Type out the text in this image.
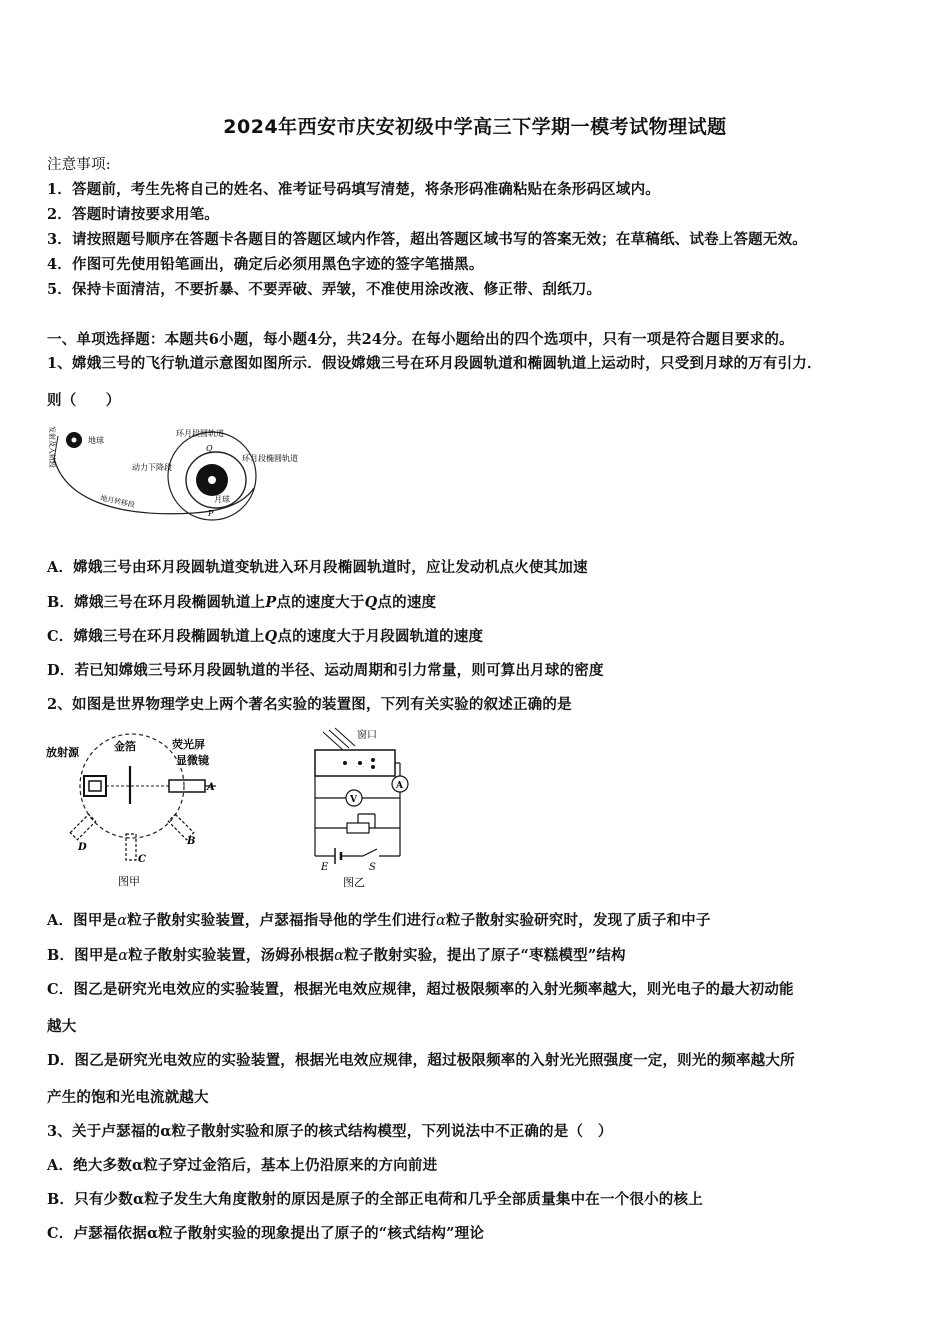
2024年西安市庆安初级中学高三下学期一模考试物理试题
注意事项:
1．答题前，考生先将自己的姓名、准考证号码填写清楚，将条形码准确粘贴在条形码区域内。
2．答题时请按要求用笔。
3．请按照题号顺序在答题卡各题目的答题区域内作答，超出答题区域书写的答案无效；在草稿纸、试卷上答题无效。
4．作图可先使用铅笔画出，确定后必须用黑色字迹的签字笔描黑。
5．保持卡面清洁，不要折暴、不要弄破、弄皱，不准使用涂改液、修正带、刮纸刀。
一、单项选择题：本题共6小题，每小题4分，共24分。在每小题给出的四个选项中，只有一项是符合题目要求的。
1、嫦娥三号的飞行轨道示意图如图所示．假设嫦娥三号在环月段圆轨道和椭圆轨道上运动时，只受到月球的万有引力．
则（　　）
地球
发射及入轨段
地月转移段
环月段圆轨道
环月段椭圆轨道
动力下降段
月球
Q
P
A．嫦娥三号由环月段圆轨道变轨进入环月段椭圆轨道时，应让发动机点火使其加速
B．嫦娥三号在环月段椭圆轨道上P点的速度大于Q点的速度
C．嫦娥三号在环月段椭圆轨道上Q点的速度大于月段圆轨道的速度
D．若已知嫦娥三号环月段圆轨道的半径、运动周期和引力常量，则可算出月球的密度
2、如图是世界物理学史上两个著名实验的装置图，下列有关实验的叙述正确的是
放射源	金箔	荧光屏
显微镜
A
B
C
D
图甲
窗口
A
V
E	S
图乙
A．图甲是α粒子散射实验装置，卢瑟福指导他的学生们进行α粒子散射实验研究时，发现了质子和中子
B．图甲是α粒子散射实验装置，汤姆孙根据α粒子散射实验，提出了原子“枣糕模型”结构
C．图乙是研究光电效应的实验装置，根据光电效应规律，超过极限频率的入射光频率越大，则光电子的最大初动能
越大
D．图乙是研究光电效应的实验装置，根据光电效应规律，超过极限频率的入射光光照强度一定，则光的频率越大所
产生的饱和光电流就越大
3、关于卢瑟福的α粒子散射实验和原子的核式结构模型，下列说法中不正确的是（　）
A．绝大多数α粒子穿过金箔后，基本上仍沿原来的方向前进
B．只有少数α粒子发生大角度散射的原因是原子的全部正电荷和几乎全部质量集中在一个很小的核上
C．卢瑟福依据α粒子散射实验的现象提出了原子的“核式结构”理论
